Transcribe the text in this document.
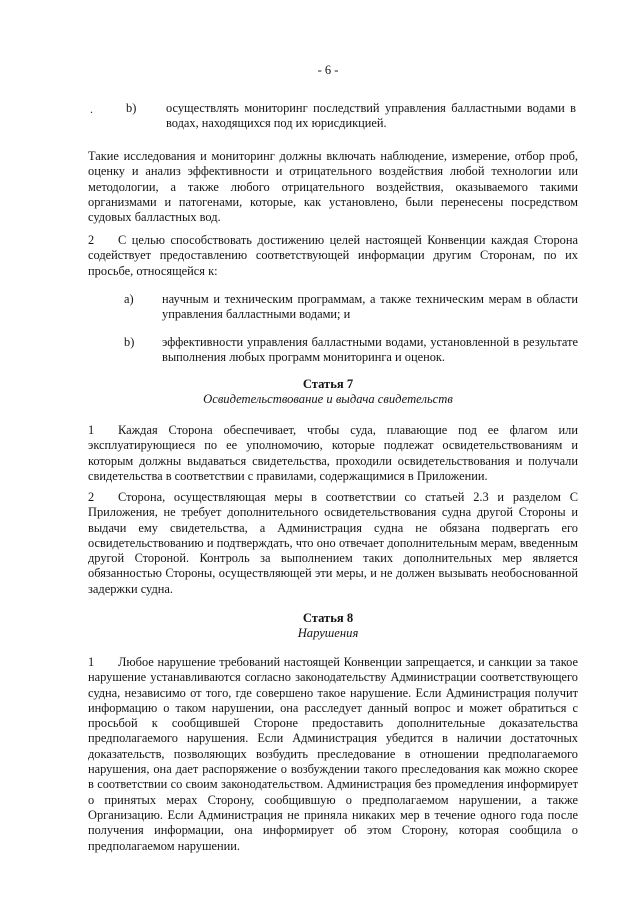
- 6 -
.	b) осуществлять мониторинг последствий управления балластными водами в водах, находящихся под их юрисдикцией.
Такие исследования и мониторинг должны включать наблюдение, измерение, отбор проб, оценку и анализ эффективности и отрицательного воздействия любой технологии или методологии, а также любого отрицательного воздействия, оказываемого такими организмами и патогенами, которые, как установлено, были перенесены посредством судовых балластных вод.
2 С целью способствовать достижению целей настоящей Конвенции каждая Сторона содействует предоставлению соответствующей информации другим Сторонам, по их просьбе, относящейся к:
a) научным и техническим программам, а также техническим мерам в области управления балластными водами; и
b) эффективности управления балластными водами, установленной в результате выполнения любых программ мониторинга и оценок.
Статья 7
Освидетельствование и выдача свидетельств
1 Каждая Сторона обеспечивает, чтобы суда, плавающие под ее флагом или эксплуатирующиеся по ее уполномочию, которые подлежат освидетельствованиям и которым должны выдаваться свидетельства, проходили освидетельствования и получали свидетельства в соответствии с правилами, содержащимися в Приложении.
2 Сторона, осуществляющая меры в соответствии со статьей 2.3 и разделом С Приложения, не требует дополнительного освидетельствования судна другой Стороны и выдачи ему свидетельства, а Администрация судна не обязана подвергать его освидетельствованию и подтверждать, что оно отвечает дополнительным мерам, введенным другой Стороной. Контроль за выполнением таких дополнительных мер является обязанностью Стороны, осуществляющей эти меры, и не должен вызывать необоснованной задержки судна.
Статья 8
Нарушения
1 Любое нарушение требований настоящей Конвенции запрещается, и санкции за такое нарушение устанавливаются согласно законодательству Администрации соответствующего судна, независимо от того, где совершено такое нарушение. Если Администрация получит информацию о таком нарушении, она расследует данный вопрос и может обратиться с просьбой к сообщившей Стороне предоставить дополнительные доказательства предполагаемого нарушения. Если Администрация убедится в наличии достаточных доказательств, позволяющих возбудить преследование в отношении предполагаемого нарушения, она дает распоряжение о возбуждении такого преследования как можно скорее в соответствии со своим законодательством. Администрация без промедления информирует о принятых мерах Сторону, сообщившую о предполагаемом нарушении, а также Организацию. Если Администрация не приняла никаких мер в течение одного года после получения информации, она информирует об этом Сторону, которая сообщила о предполагаемом нарушении.
